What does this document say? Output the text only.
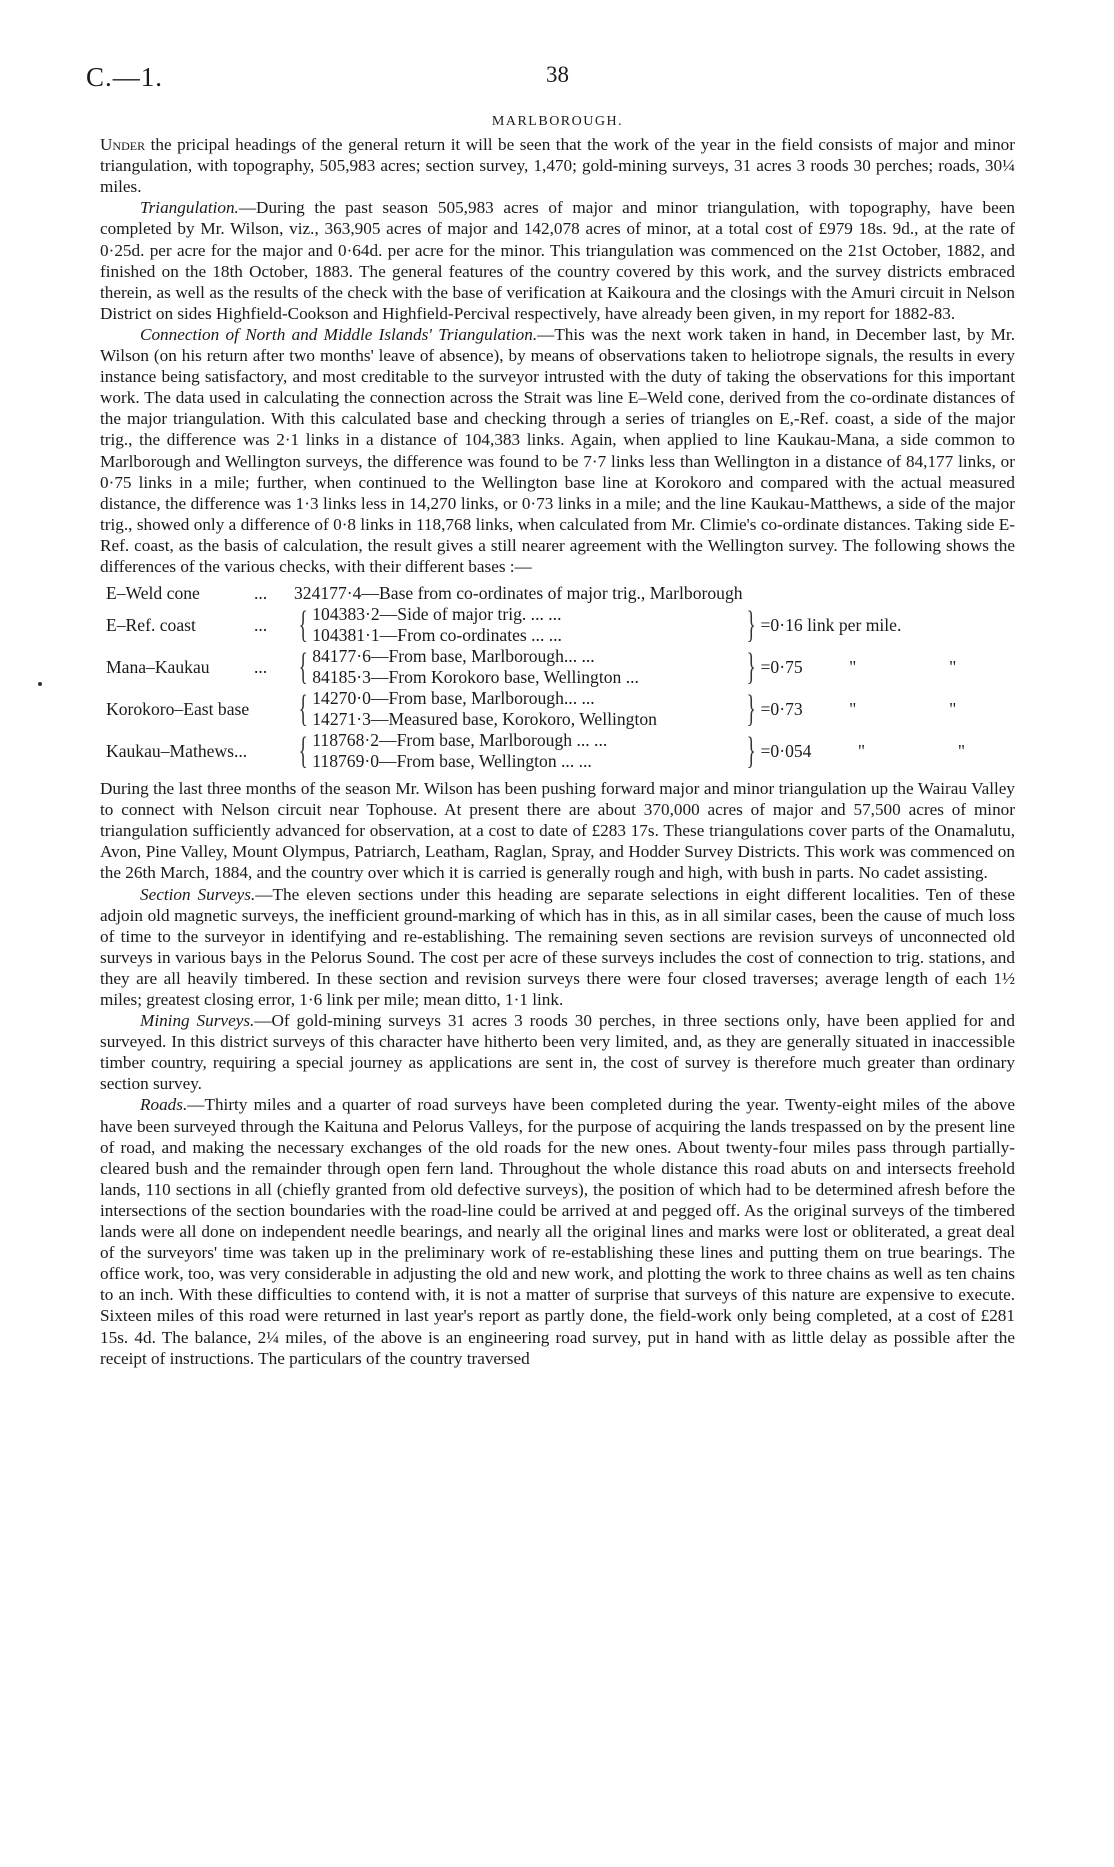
C.—1.	38
MARLBOROUGH.

Under the pricipal headings of the general return it will be seen that the work of the year in the field consists of major and minor triangulation, with topography, 505,983 acres; section survey, 1,470; gold-mining surveys, 31 acres 3 roods 30 perches; roads, 30¼ miles.

Triangulation.—During the past season 505,983 acres of major and minor triangulation, with topography, have been completed by Mr. Wilson, viz., 363,905 acres of major and 142,078 acres of minor, at a total cost of £979 18s. 9d., at the rate of 0·25d. per acre for the major and 0·64d. per acre for the minor. This triangulation was commenced on the 21st October, 1882, and finished on the 18th October, 1883. The general features of the country covered by this work, and the survey districts embraced therein, as well as the results of the check with the base of verification at Kaikoura and the closings with the Amuri circuit in Nelson District on sides Highfield-Cookson and Highfield-Percival respectively, have already been given, in my report for 1882-83.

Connection of North and Middle Islands' Triangulation.—This was the next work taken in hand, in December last, by Mr. Wilson (on his return after two months' leave of absence), by means of observations taken to heliotrope signals, the results in every instance being satisfactory, and most creditable to the surveyor intrusted with the duty of taking the observations for this important work. The data used in calculating the connection across the Strait was line E–Weld cone, derived from the co-ordinate distances of the major triangulation. With this calculated base and checking through a series of triangles on E,-Ref. coast, a side of the major trig., the difference was 2·1 links in a distance of 104,383 links. Again, when applied to line Kaukau-Mana, a side common to Marlborough and Wellington surveys, the difference was found to be 7·7 links less than Wellington in a distance of 84,177 links, or 0·75 links in a mile; further, when continued to the Wellington base line at Korokoro and compared with the actual measured distance, the difference was 1·3 links less in 14,270 links, or 0·73 links in a mile; and the line Kaukau-Matthews, a side of the major trig., showed only a difference of 0·8 links in 118,768 links, when calculated from Mr. Climie's co-ordinate distances. Taking side E-Ref. coast, as the basis of calculation, the result gives a still nearer agreement with the Wellington survey. The following shows the differences of the various checks, with their different bases :—

E–Weld cone	...	324177·4—Base from co-ordinates of major trig., Marlborough			
E–Ref. coast	...	{	104383·2—Side of major trig. ... ...
104381·1—From co-ordinates ... ...	}	=0·16 link per mile.
Mana–Kaukau	...	{	84177·6—From base, Marlborough... ...
84185·3—From Korokoro base, Wellington ...	}	=0·75 " "
Korokoro–East base		{	14270·0—From base, Marlborough... ...
14271·3—Measured base, Korokoro, Wellington	}	=0·73 " "
Kaukau–Mathews...		{	118768·2—From base, Marlborough ... ...
118769·0—From base, Wellington ... ...	}	=0·054 " "

During the last three months of the season Mr. Wilson has been pushing forward major and minor triangulation up the Wairau Valley to connect with Nelson circuit near Tophouse. At present there are about 370,000 acres of major and 57,500 acres of minor triangulation sufficiently advanced for observation, at a cost to date of £283 17s. These triangulations cover parts of the Onamalutu, Avon, Pine Valley, Mount Olympus, Patriarch, Leatham, Raglan, Spray, and Hodder Survey Districts. This work was commenced on the 26th March, 1884, and the country over which it is carried is generally rough and high, with bush in parts. No cadet assisting.

Section Surveys.—The eleven sections under this heading are separate selections in eight different localities. Ten of these adjoin old magnetic surveys, the inefficient ground-marking of which has in this, as in all similar cases, been the cause of much loss of time to the surveyor in identifying and re-establishing. The remaining seven sections are revision surveys of unconnected old surveys in various bays in the Pelorus Sound. The cost per acre of these surveys includes the cost of connection to trig. stations, and they are all heavily timbered. In these section and revision surveys there were four closed traverses; average length of each 1½ miles; greatest closing error, 1·6 link per mile; mean ditto, 1·1 link.

Mining Surveys.—Of gold-mining surveys 31 acres 3 roods 30 perches, in three sections only, have been applied for and surveyed. In this district surveys of this character have hitherto been very limited, and, as they are generally situated in inaccessible timber country, requiring a special journey as applications are sent in, the cost of survey is therefore much greater than ordinary section survey.

Roads.—Thirty miles and a quarter of road surveys have been completed during the year. Twenty-eight miles of the above have been surveyed through the Kaituna and Pelorus Valleys, for the purpose of acquiring the lands trespassed on by the present line of road, and making the necessary exchanges of the old roads for the new ones. About twenty-four miles pass through partially-cleared bush and the remainder through open fern land. Throughout the whole distance this road abuts on and intersects freehold lands, 110 sections in all (chiefly granted from old defective surveys), the position of which had to be determined afresh before the intersections of the section boundaries with the road-line could be arrived at and pegged off. As the original surveys of the timbered lands were all done on independent needle bearings, and nearly all the original lines and marks were lost or obliterated, a great deal of the surveyors' time was taken up in the preliminary work of re-establishing these lines and putting them on true bearings. The office work, too, was very considerable in adjusting the old and new work, and plotting the work to three chains as well as ten chains to an inch. With these difficulties to contend with, it is not a matter of surprise that surveys of this nature are expensive to execute. Sixteen miles of this road were returned in last year's report as partly done, the field-work only being completed, at a cost of £281 15s. 4d. The balance, 2¼ miles, of the above is an engineering road survey, put in hand with as little delay as possible after the receipt of instructions. The particulars of the country traversed
